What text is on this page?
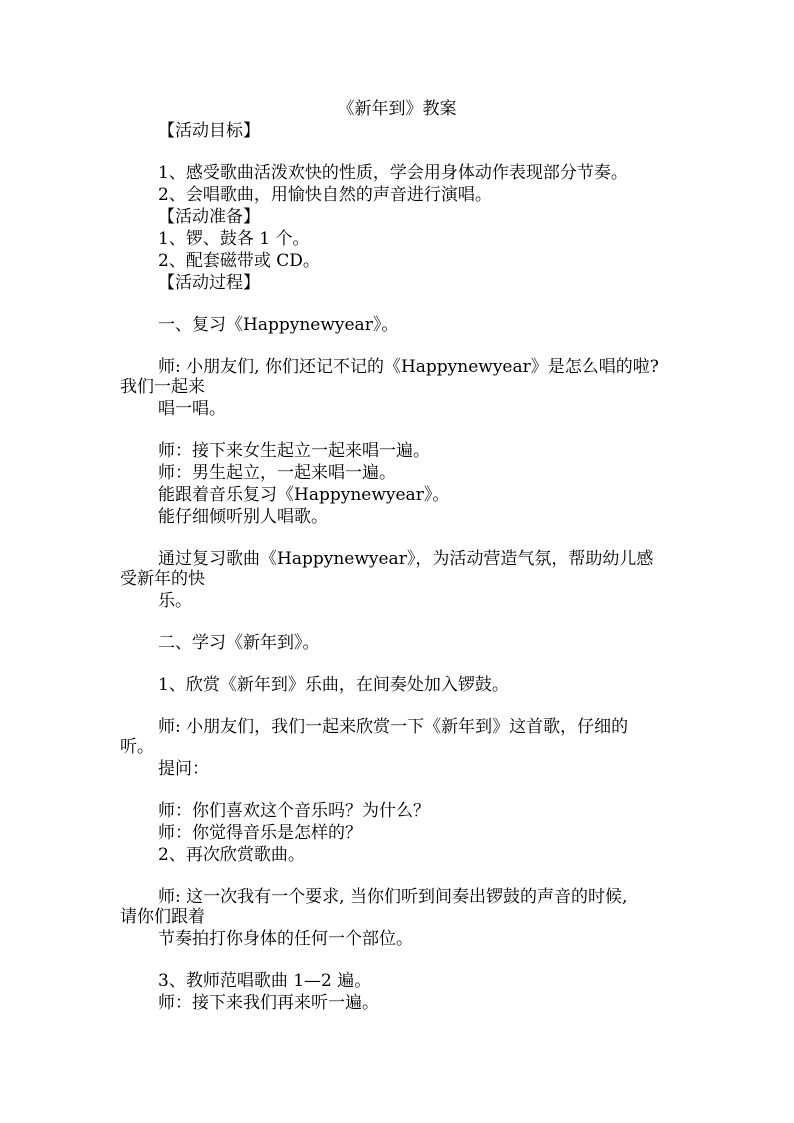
《新年到》教案
【活动目标】
1、感受歌曲活泼欢快的性质，学会用身体动作表现部分节奏。
2、会唱歌曲，用愉快自然的声音进行演唱。
【活动准备】
1、锣、鼓各 1 个。
2、配套磁带或 CD。
【活动过程】
一、复习《Happynewyear》。
师: 小朋友们, 你们还记不记的《Happynewyear》是怎么唱的啦?
我们一起来
唱一唱。
师：接下来女生起立一起来唱一遍。
师：男生起立，一起来唱一遍。
能跟着音乐复习《Happynewyear》。
能仔细倾听别人唱歌。
通过复习歌曲《Happynewyear》，为活动营造气氛，帮助幼儿感
受新年的快
乐。
二、学习《新年到》。
1、欣赏《新年到》乐曲，在间奏处加入锣鼓。
师: 小朋友们，我们一起来欣赏一下《新年到》这首歌，仔细的
听。
提问：
师：你们喜欢这个音乐吗？为什么？
师：你觉得音乐是怎样的？
2、再次欣赏歌曲。
师: 这一次我有一个要求, 当你们听到间奏出锣鼓的声音的时候,
请你们跟着
节奏拍打你身体的任何一个部位。
3、教师范唱歌曲 1—2 遍。
师：接下来我们再来听一遍。
